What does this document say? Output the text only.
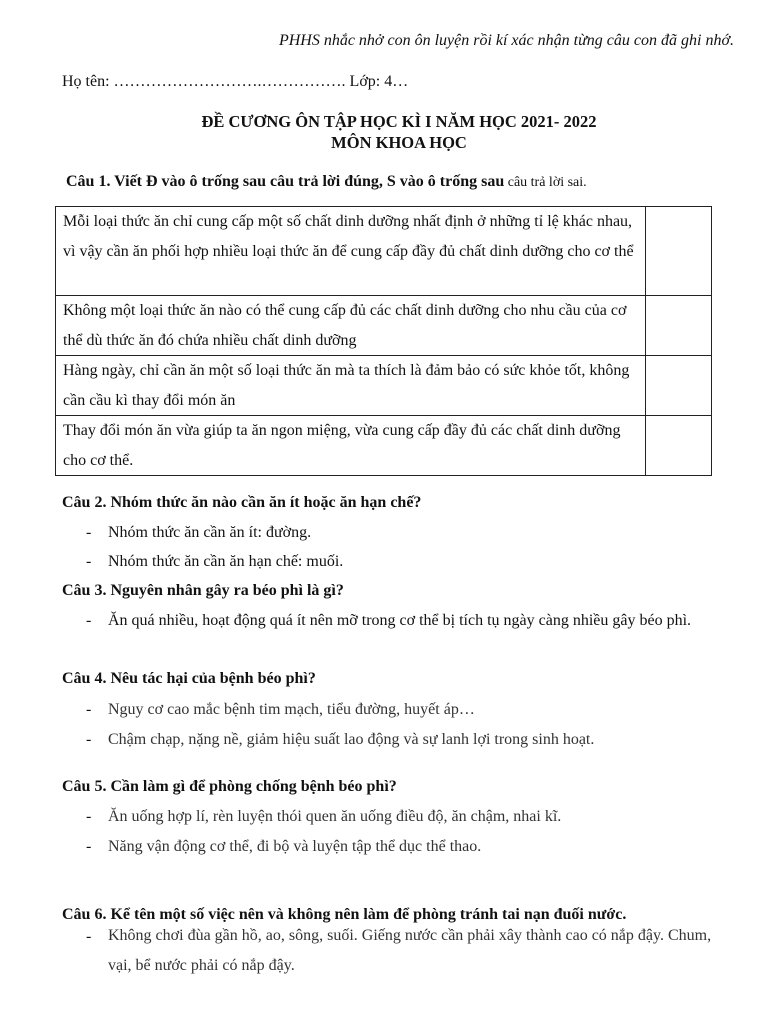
PHHS nhắc nhở con ôn luyện rồi kí xác nhận từng câu con đã ghi nhớ.
Họ tên: ……………………….……………. Lớp: 4…
ĐỀ CƯƠNG ÔN TẬP HỌC KÌ I NĂM HỌC 2021- 2022
MÔN KHOA HỌC
Câu 1. Viết Đ vào ô trống sau câu trả lời đúng, S vào ô trống sau câu trả lời sai.
Mỗi loại thức ăn chỉ cung cấp một số chất dinh dưỡng nhất định ở những tỉ lệ khác nhau, vì vậy cần ăn phối hợp nhiều loại thức ăn để cung cấp đầy đủ chất dinh dưỡng cho cơ thể	
Không một loại thức ăn nào có thể cung cấp đủ các chất dinh dưỡng cho nhu cầu của cơ thể dù thức ăn đó chứa nhiều chất dinh dưỡng	
Hàng ngày, chỉ cần ăn một số loại thức ăn mà ta thích là đảm bảo có sức khỏe tốt, không cần cầu kì thay đổi món ăn	
Thay đổi món ăn vừa giúp ta ăn ngon miệng, vừa cung cấp đầy đủ các chất dinh dưỡng cho cơ thể.	
Câu 2. Nhóm thức ăn nào cần ăn ít hoặc ăn hạn chế?
- Nhóm thức ăn cần ăn ít: đường.
- Nhóm thức ăn cần ăn hạn chế: muối.
Câu 3. Nguyên nhân gây ra béo phì là gì?
- Ăn quá nhiều, hoạt động quá ít nên mỡ trong cơ thể bị tích tụ ngày càng nhiều gây béo phì.
Câu 4. Nêu tác hại của bệnh béo phì?
- Nguy cơ cao mắc bệnh tim mạch, tiểu đường, huyết áp…
- Chậm chạp, nặng nề, giảm hiệu suất lao động và sự lanh lợi trong sinh hoạt.
Câu 5. Cần làm gì để phòng chống bệnh béo phì?
- Ăn uống hợp lí, rèn luyện thói quen ăn uống điều độ, ăn chậm, nhai kĩ.
- Năng vận động cơ thể, đi bộ và luyện tập thể dục thể thao.
Câu 6. Kể tên một số việc nên và không nên làm để phòng tránh tai nạn đuối nước.
- Không chơi đùa gần hồ, ao, sông, suối. Giếng nước cần phải xây thành cao có nắp đậy. Chum, vại, bể nước phải có nắp đậy.
